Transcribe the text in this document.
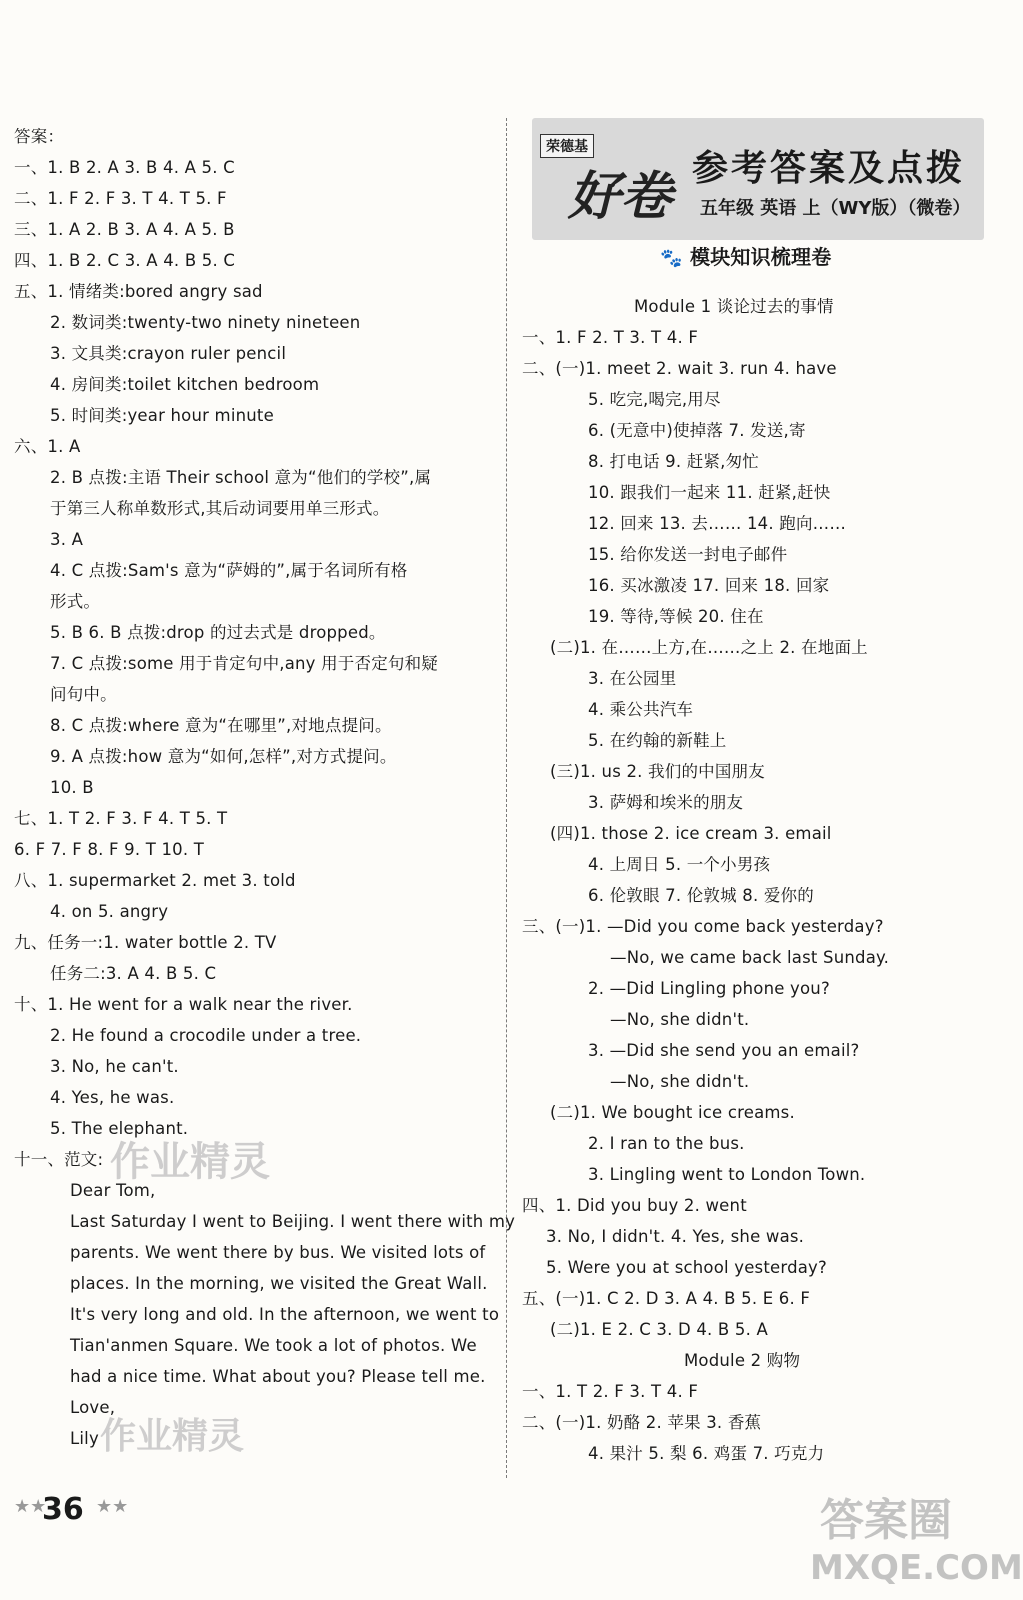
答案：
一、1. B 2. A 3. B 4. A 5. C
二、1. F 2. F 3. T 4. T 5. F
三、1. A 2. B 3. A 4. A 5. B
四、1. B 2. C 3. A 4. B 5. C
五、1. 情绪类:bored angry sad
2. 数词类:twenty-two ninety nineteen
3. 文具类:crayon ruler pencil
4. 房间类:toilet kitchen bedroom
5. 时间类:year hour minute
六、1. A
2. B 点拨:主语 Their school 意为“他们的学校”,属
于第三人称单数形式,其后动词要用单三形式。
3. A
4. C 点拨:Sam's 意为“萨姆的”,属于名词所有格
形式。
5. B 6. B 点拨:drop 的过去式是 dropped。
7. C 点拨:some 用于肯定句中,any 用于否定句和疑
问句中。
8. C 点拨:where 意为“在哪里”,对地点提问。
9. A 点拨:how 意为“如何,怎样”,对方式提问。
10. B
七、1. T 2. F 3. F 4. T 5. T
6. F 7. F 8. F 9. T 10. T
八、1. supermarket 2. met 3. told
4. on 5. angry
九、任务一:1. water bottle 2. TV
任务二:3. A 4. B 5. C
十、1. He went for a walk near the river.
2. He found a crocodile under a tree.
3. No, he can't.
4. Yes, he was.
5. The elephant.
十一、范文:
Dear Tom,
Last Saturday I went to Beijing. I went there with my
parents. We went there by bus. We visited lots of
places. In the morning, we visited the Great Wall.
It's very long and old. In the afternoon, we went to
Tian'anmen Square. We took a lot of photos. We
had a nice time. What about you? Please tell me.
Love,
Lily
荣德基
好卷 参考答案及点拨
五年级 英语 上（WY版）（微卷）
🐾 模块知识梳理卷
Module 1 谈论过去的事情
一、1. F 2. T 3. T 4. F
二、(一)1. meet 2. wait 3. run 4. have
5. 吃完,喝完,用尽
6. (无意中)使掉落 7. 发送,寄
8. 打电话 9. 赶紧,匆忙
10. 跟我们一起来 11. 赶紧,赶快
12. 回来 13. 去…… 14. 跑向……
15. 给你发送一封电子邮件
16. 买冰激凌 17. 回来 18. 回家
19. 等待,等候 20. 住在
(二)1. 在……上方,在……之上 2. 在地面上
3. 在公园里
4. 乘公共汽车
5. 在约翰的新鞋上
(三)1. us 2. 我们的中国朋友
3. 萨姆和埃米的朋友
(四)1. those 2. ice cream 3. email
4. 上周日 5. 一个小男孩
6. 伦敦眼 7. 伦敦城 8. 爱你的
三、(一)1. —Did you come back yesterday?
—No, we came back last Sunday.
2. —Did Lingling phone you?
—No, she didn't.
3. —Did she send you an email?
—No, she didn't.
(二)1. We bought ice creams.
2. I ran to the bus.
3. Lingling went to London Town.
四、1. Did you buy 2. went
3. No, I didn't. 4. Yes, she was.
5. Were you at school yesterday?
五、(一)1. C 2. D 3. A 4. B 5. E 6. F
(二)1. E 2. C 3. D 4. B 5. A
Module 2 购物
一、1. T 2. F 3. T 4. F
二、(一)1. 奶酪 2. 苹果 3. 香蕉
4. 果汁 5. 梨 6. 鸡蛋 7. 巧克力
★★
36 ★★
作业精灵
作业精灵
答案圈
MXQE.COM
